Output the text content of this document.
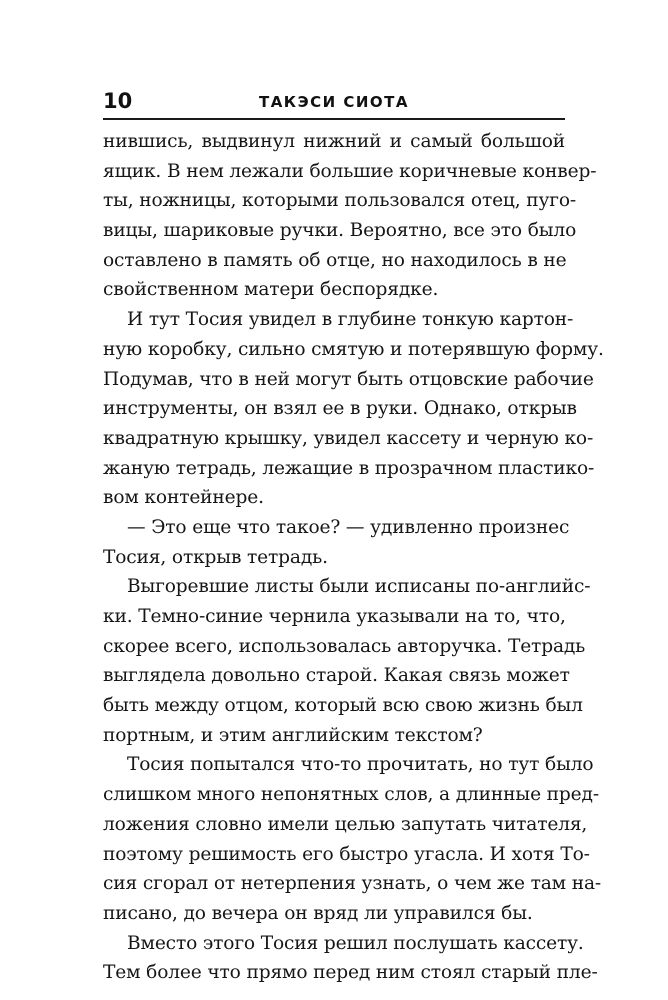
10	ТАКЭСИ СИОТА
нившись, выдвинул нижний и самый большой
ящик. В нем лежали большие коричневые конвер-
ты, ножницы, которыми пользовался отец, пуго-
вицы, шариковые ручки. Вероятно, все это было
оставлено в память об отце, но находилось в не
свойственном матери беспорядке.
И тут Тосия увидел в глубине тонкую картон-
ную коробку, сильно смятую и потерявшую форму.
Подумав, что в ней могут быть отцовские рабочие
инструменты, он взял ее в руки. Однако, открыв
квадратную крышку, увидел кассету и черную ко-
жаную тетрадь, лежащие в прозрачном пластико-
вом контейнере.
— Это еще что такое? — удивленно произнес
Тосия, открыв тетрадь.
Выгоревшие листы были исписаны по-английс-
ки. Темно-синие чернила указывали на то, что,
скорее всего, использовалась авторучка. Тетрадь
выглядела довольно старой. Какая связь может
быть между отцом, который всю свою жизнь был
портным, и этим английским текстом?
Тосия попытался что-то прочитать, но тут было
слишком много непонятных слов, а длинные пред-
ложения словно имели целью запутать читателя,
поэтому решимость его быстро угасла. И хотя То-
сия сгорал от нетерпения узнать, о чем же там на-
писано, до вечера он вряд ли управился бы.
Вместо этого Тосия решил послушать кассету.
Тем более что прямо перед ним стоял старый пле-
